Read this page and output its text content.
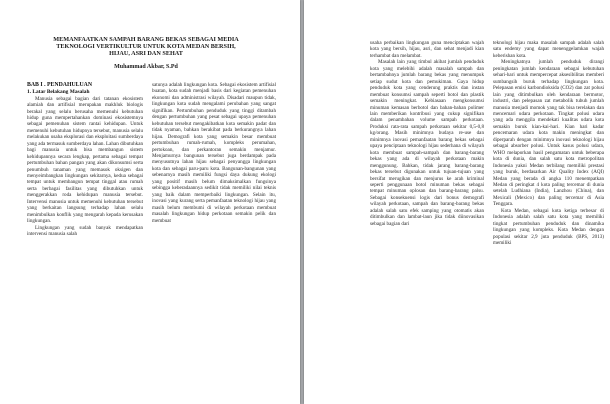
MEMANFAATKAN SAMPAH BARANG BEKAS SEBAGAI MEDIA
TEKNOLOGI VERTIKULTUR UNTUK KOTA MEDAN BERSIH,
HIJAU, ASRI DAN SEHAT
Muhammad Akbar, S.Pd

BAB I . PENDAHULUAN

1. Latar Belakang Masalah

Manusia sebagai bagian dari tatanan ekosistem alamiah dan artifisial merupakan makhluk biologis berakal yang selalu berusaha memenuhi kebutuhan hidup guna mempertahankan dominasi ekosistemnya sebagai pemenuhan sistem rantai kehidupan. Untuk memenuhi kebutuhan hidupnya tersebut, manusia selalu melakukan usaha eksplorasi dan eksploitasi sumberdaya yang ada termasuk sumberdaya lahan. Lahan dibutuhkan bagi manusia untuk bisa membangun sistem kehidupannya secara lengkap, pertama sebagai tempat pertumbuhan bahan pangan yang akan dikonsumsi serta penumbuh tanaman yang memasok oksigen dan menyeimbangkan lingkungan sekitarnya, kedua sebagai tempat untuk membangun tempat tinggal atau rumah serta berbagai fasilitas yang dibutuhkan untuk menggerakkan roda kehidupan manusia tersebut. Intervensi manusia untuk memenuhi kebutuhan tersebut yang berkaitan langsung terhadap lahan selalu menimbulkan konflik yang mengarah kepada kerusakan lingkungan.

Lingkungan yang sudah banyak mendapatkan intervensi manusia salah

satunya adalah lingkungan kota. Sebagai ekosistem artifisial buatan, kota sudah menjadi basis dari kegiatan pemenuhan ekonomi dan administrasi wilayah. Disadari maupun tidak, lingkungan kota sudah mengalami perubahan yang sangat signifikan. Pertumbuhan penduduk yang tinggi ditambah dengan pertumbuhan yang pesat sebagai upaya pemenuhan kebutuhan tersebut mengakibatkan kota semakin padat dan tidak nyaman, bahkan berakibat pada berkurangnya lahan hijau. Demografi kota yang semakin besar membuat pertumbuhan rumah-rumah, kompleks perumahan, pertokoan, dan perkantoran semakin menjamur. Menjamurnya bangunan tersebut juga berdampak pada menyusutnya lahan hijau sebagai penyangga lingkungan kota dan sebagai paru-paru kota. Bangunan-bangunan yang sebenarnya masih memiliki fungsi daya dukung ekologi yang positif masih belum dimaksimalkan fungsinya sebingga keberadaannya sedikit tidak memiliki nilai teknis yang baik dalam memperbaiki lingkungan. Selain itu, inovasi yang kurang serta pemanfaatan teknologi hijau yang masih belum membumi di wilayah perkotaan membuat masalah lingkungan hidup perkotaan semakin pelik dan membuat

usaha perbaikan lingkungan guna menciptakan wajah kota yang bersih, hijau, asri, dan sehat menjadi kian terhambat dan melambat.

Masalah lain yang timbul akibat jumlah penduduk kota yang melebihi adalah masalah sampah dan bertambahnya jumlah barang bekas yang menumpuk setiap sudut kota dan pemukiman. Gaya hidup penduduk kota yang cenderung praktis dan instan membuat konsumsi sampah seperti botol dan plastik semakin meningkat. Kebiasaan mengkonsumsi minuman kemasan berbotol dan bahan-bahan polimer lain memberikan kontribusi yang cukup signifikan dalam penambahan volume sampah perkotaan. Produksi rata-rata sampah perkotaan sekitar 0,5-0,8 kg/orang. Masih minimnya budaya re-use dan minimnya inovasi pemanfaatan barang bekas sebagai upaya penciptaan teknologi hijau sederhana di wilayah kota membuat sampah-sampah dan barang-barang bekas yang ada di wilayah perkotaan makin menggunung. Bahkan, tidak jarang barang-barang bekas tersebut digunakan untuk tujuan-tujuan yang bersifat merugikan dan menjurus ke arah kriminal seperti penggunaan botol minuman bekas sebagai tempat minuman oplosan dan barang-barang palsu. Sebagai konsekuensi logis dari bonus demografi wilayah perkotaan, sampah dan barang-barang bekas adalah salah satu efek samping yang otomatis akan ditimbulkan dan lambat-laun jika tidak diinovasikan sebagai bagian dari

teknologi hijau maka masalah sampah adalah salah satu endemy yang dapat menenggelamkan wajah keberishan kota.

Meningkatnya jumlah penduduk dirangi peningkatan jumlah kendaraan sebagai kebutuhan sehari-hari untuk mempercepat aksesibilitas memberi sumbangsih buruk terhadap lingkungan kota. Pelepasan emisi karbondioksida (CO2) dan zat polusi lain yang ditimbulkan oleh kendaraan bermotor, industri, dan pelepasan zat metabolik tubuh jumlah manusia menjadi momok yang tak bisa terelakan dan mencemari udara perkotaan. Tingkat polusi udara yang ada menggila mendekati kualitas udara kota semakin buruk kian-kai-hari. Kian hari kadar pencemaran udara kota makin meningkat dan diperparah dengan minimnya inovasi teknologi hijau sebagai absorber polusi. Untuk kasus polusi udara, WHO melaporkan hasil pengamatan untuk beberapa kota di dunia, dan salah satu kota metropolitan Indonesia yakni Medan terbilang memiliki prestasi yang buruk, berdasarkan Air Quality Index (AQI) Medan yang berada di angka 110 menempatkan Medan di peringkat 4 kota paling tercemar di dunia setelah Ludhiana (India), Lanzhou (China), dan Mexicali (Mexico) dan paling tercemar di Asia Tenggara.

Kota Medan, sebagai kota ketiga terbesar di Indonesia adalah salah satu kota yang memiliki tingkat pertumbuhan penduduk dan dinamika lingkungan yang kompleks. Kota Medan dengan populasi sekitar 2,9 juta penduduk (BPS, 2013) memiliki
